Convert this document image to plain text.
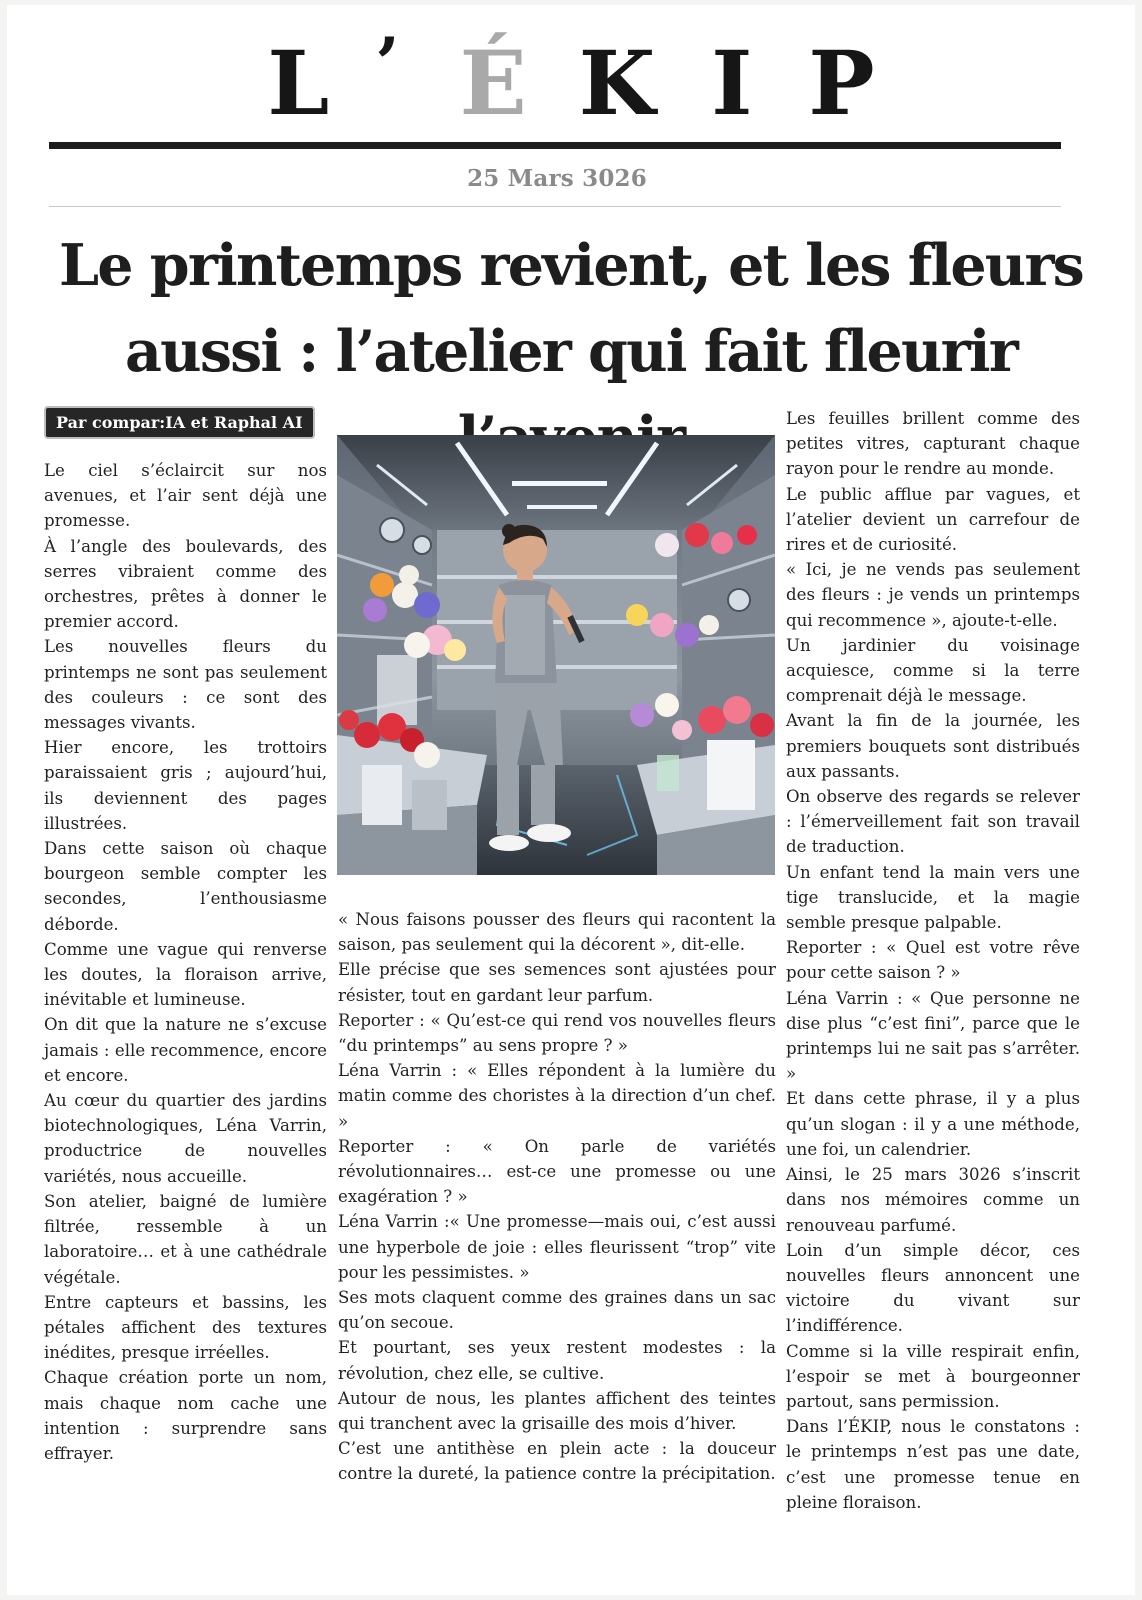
L ’ É K I P
25 Mars 3026
Le printemps revient, et les fleurs aussi : l’atelier qui fait fleurir
Par compar:IA et Raphal AI

Le ciel s’éclaircit sur nos avenues, et l’air sent déjà une promesse.

À l’angle des boulevards, des serres vibraient comme des orchestres, prêtes à donner le premier accord.

Les nouvelles fleurs du printemps ne sont pas seulement des couleurs : ce sont des messages vivants.

Hier encore, les trottoirs paraissaient gris ; aujourd’hui, ils deviennent des pages illustrées.

Dans cette saison où chaque bourgeon semble compter les secondes, l’enthousiasme déborde.

Comme une vague qui renverse les doutes, la floraison arrive, inévitable et lumineuse.

On dit que la nature ne s’excuse jamais : elle recommence, encore et encore.

Au cœur du quartier des jardins biotechnologiques, Léna Varrin, productrice de nouvelles variétés, nous accueille.

Son atelier, baigné de lumière filtrée, ressemble à un laboratoire… et à une cathédrale végétale.

Entre capteurs et bassins, les pétales affichent des textures inédites, presque irréelles.

Chaque création porte un nom, mais chaque nom cache une intention : surprendre sans effrayer.

« Nous faisons pousser des fleurs qui racontent la saison, pas seulement qui la décorent », dit-elle.

Elle précise que ses semences sont ajustées pour résister, tout en gardant leur parfum.

Reporter : « Qu’est-ce qui rend vos nouvelles fleurs “du printemps” au sens propre ? »

Léna Varrin : « Elles répondent à la lumière du matin comme des choristes à la direction d’un chef. »

Reporter : « On parle de variétés révolutionnaires… est-ce une promesse ou une exagération ? »

Léna Varrin :« Une promesse—mais oui, c’est aussi une hyperbole de joie : elles fleurissent “trop” vite pour les pessimistes. »

Ses mots claquent comme des graines dans un sac qu’on secoue.

Et pourtant, ses yeux restent modestes : la révolution, chez elle, se cultive.

Autour de nous, les plantes affichent des teintes qui tranchent avec la grisaille des mois d’hiver.

C’est une antithèse en plein acte : la douceur contre la dureté, la patience contre la précipitation.

Les feuilles brillent comme des petites vitres, capturant chaque rayon pour le rendre au monde.

Le public afflue par vagues, et l’atelier devient un carrefour de rires et de curiosité.

« Ici, je ne vends pas seulement des fleurs : je vends un printemps qui recommence », ajoute-t-elle.

Un jardinier du voisinage acquiesce, comme si la terre comprenait déjà le message.

Avant la fin de la journée, les premiers bouquets sont distribués aux passants.

On observe des regards se relever : l’émerveillement fait son travail de traduction.

Un enfant tend la main vers une tige translucide, et la magie semble presque palpable.

Reporter : « Quel est votre rêve pour cette saison ? »

Léna Varrin : « Que personne ne dise plus “c’est fini”, parce que le printemps lui ne sait pas s’arrêter. »

Et dans cette phrase, il y a plus qu’un slogan : il y a une méthode, une foi, un calendrier.

Ainsi, le 25 mars 3026 s’inscrit dans nos mémoires comme un renouveau parfumé.

Loin d’un simple décor, ces nouvelles fleurs annoncent une victoire du vivant sur l’indifférence.

Comme si la ville respirait enfin, l’espoir se met à bourgeonner partout, sans permission.

Dans l’ÉKIP, nous le constatons : le printemps n’est pas une date, c’est une promesse tenue en pleine floraison.
